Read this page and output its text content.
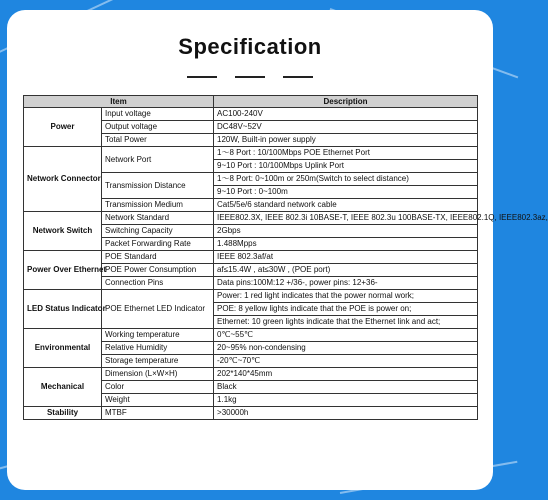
Specification
Item		Description
Power	Input voltage	AC100-240V
	Output voltage	DC48V~52V
	Total Power	120W, Built-in power supply
Network Connector	Network Port	1～8 Port : 10/100Mbps POE Ethernet Port
		9~10 Port : 10/100Mbps Uplink Port
	Transmission Distance	1～8 Port: 0~100m or 250m(Switch to select distance)
		9~10 Port : 0~100m
	Transmission Medium	Cat5/5e/6 standard network cable
Network Switch	Network Standard	IEEE802.3X, IEEE 802.3i 10BASE-T, IEEE 802.3u 100BASE-TX, IEEE802.1Q, IEEE802.3az,
	Switching Capacity	2Gbps
	Packet Forwarding Rate	1.488Mpps
Power Over Ethernet	POE Standard	IEEE 802.3af/at
	POE Power Consumption	af≤15.4W , at≤30W , (POE port)
	Connection Pins	Data pins:100M:12 +/36-, power pins: 12+36-
LED Status Indicator	POE Ethernet LED Indicator	Power: 1 red light indicates that the power normal work;
		POE: 8 yellow lights indicate that the POE is power on;
		Ethernet: 10 green lights indicate that the Ethernet link and act;
Environmental	Working temperature	0℃~55℃
	Relative Humidity	20~95% non-condensing
	Storage temperature	-20℃~70℃
Mechanical	Dimension (L×W×H)	202*140*45mm
	Color	Black
	Weight	1.1kg
Stability	MTBF	>30000h
